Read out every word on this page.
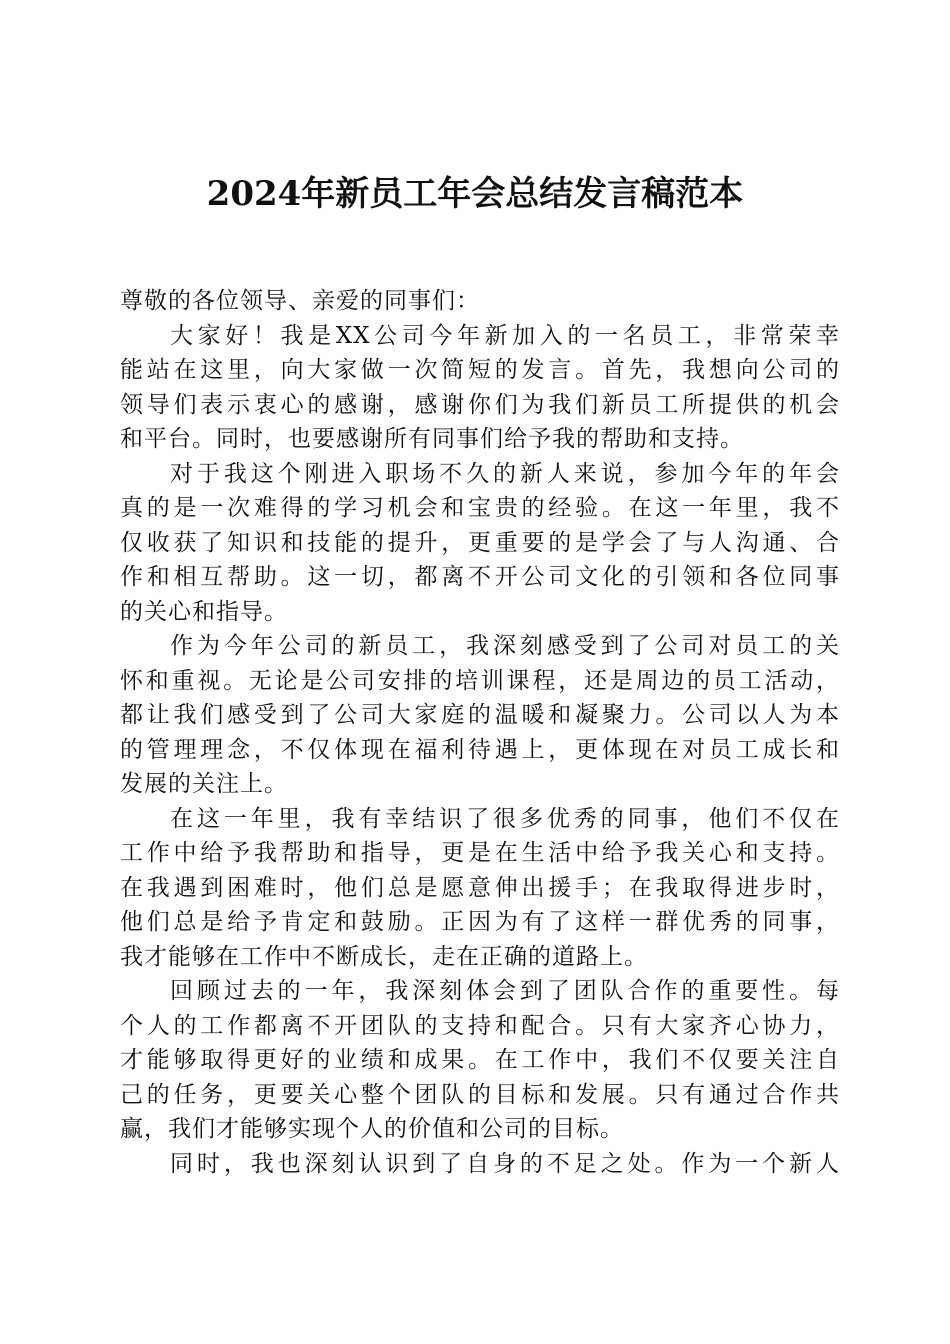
2024年新员工年会总结发言稿范本

尊敬的各位领导、亲爱的同事们：

大家好！我是XX公司今年新加入的一名员工，非常荣幸
能站在这里，向大家做一次简短的发言。首先，我想向公司的
领导们表示衷心的感谢，感谢你们为我们新员工所提供的机会
和平台。同时，也要感谢所有同事们给予我的帮助和支持。

对于我这个刚进入职场不久的新人来说，参加今年的年会
真的是一次难得的学习机会和宝贵的经验。在这一年里，我不
仅收获了知识和技能的提升，更重要的是学会了与人沟通、合
作和相互帮助。这一切，都离不开公司文化的引领和各位同事
的关心和指导。

作为今年公司的新员工，我深刻感受到了公司对员工的关
怀和重视。无论是公司安排的培训课程，还是周边的员工活动，
都让我们感受到了公司大家庭的温暖和凝聚力。公司以人为本
的管理理念，不仅体现在福利待遇上，更体现在对员工成长和
发展的关注上。

在这一年里，我有幸结识了很多优秀的同事，他们不仅在
工作中给予我帮助和指导，更是在生活中给予我关心和支持。
在我遇到困难时，他们总是愿意伸出援手；在我取得进步时，
他们总是给予肯定和鼓励。正因为有了这样一群优秀的同事，
我才能够在工作中不断成长，走在正确的道路上。

回顾过去的一年，我深刻体会到了团队合作的重要性。每
个人的工作都离不开团队的支持和配合。只有大家齐心协力，
才能够取得更好的业绩和成果。在工作中，我们不仅要关注自
己的任务，更要关心整个团队的目标和发展。只有通过合作共
赢，我们才能够实现个人的价值和公司的目标。

同时，我也深刻认识到了自身的不足之处。作为一个新人
